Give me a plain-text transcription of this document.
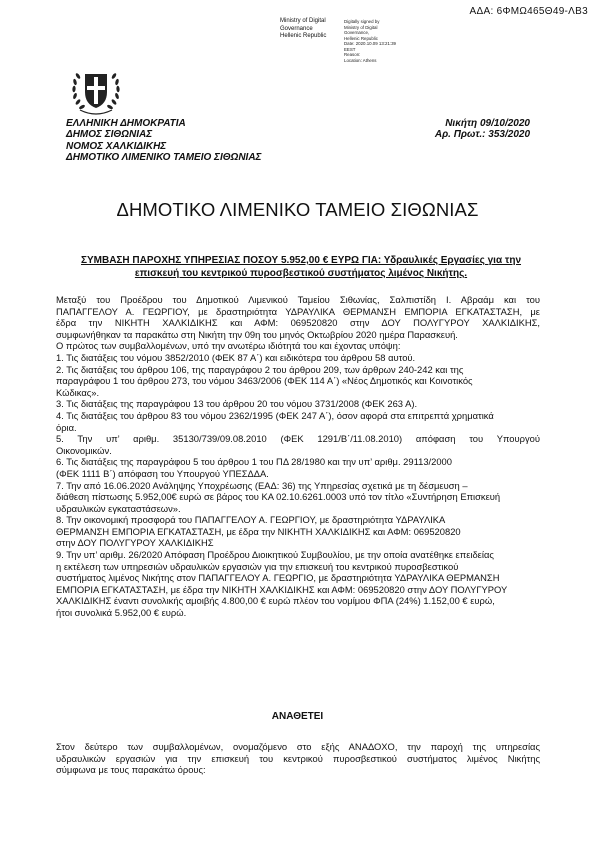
ΑΔΑ: 6ΦΜΩ465Θ49-ΛΒ3
Ministry of Digital
Governance
Hellenic Republic
Digitally signed by
Ministry of Digital
Governance,
Hellenic Republic
Date: 2020.10.09 13:21:39
EEST
Reason:
Location: Athens
ΕΛΛΗΝΙΚΗ ΔΗΜΟΚΡΑΤΙΑ
ΔΗΜΟΣ ΣΙΘΩΝΙΑΣ
ΝΟΜΟΣ ΧΑΛΚΙΔΙΚΗΣ
ΔΗΜΟΤΙΚΟ ΛΙΜΕΝΙΚΟ ΤΑΜΕΙΟ ΣΙΘΩΝΙΑΣ
Νικήτη 09/10/2020
Αρ. Πρωτ.: 353/2020
ΔΗΜΟΤΙΚΟ ΛΙΜΕΝΙΚΟ ΤΑΜΕΙΟ ΣΙΘΩΝΙΑΣ
ΣΥΜΒΑΣΗ ΠΑΡΟΧΗΣ ΥΠΗΡΕΣΙΑΣ ΠΟΣΟΥ 5.952,00 € ΕΥΡΩ ΓΙΑ: Υδραυλικές Εργασίες για την
επισκευή του κεντρικού πυροσβεστικού συστήματος λιμένος Νικήτης.

Μεταξύ του Προέδρου του Δημοτικού Λιμενικού Ταμείου Σιθωνίας, Σαλπιστίδη Ι. Αβραάμ και του

ΠΑΠΑΓΓΕΛΟΥ Α. ΓΕΩΡΓΙΟΥ, με δραστηριότητα ΥΔΡΑΥΛΙΚΑ ΘΕΡΜΑΝΣΗ ΕΜΠΟΡΙΑ ΕΓΚΑΤΑΣΤΑΣΗ, με

έδρα την ΝΙΚΗΤΗ ΧΑΛΚΙΔΙΚΗΣ και ΑΦΜ: 069520820 στην ΔΟΥ ΠΟΛΥΓΥΡΟΥ ΧΑΛΚΙΔΙΚΗΣ,

συμφωνήθηκαν τα παρακάτω στη Νικήτη την 09η του μηνός Οκτωβρίου 2020 ημέρα Παρασκευή.

Ο πρώτος των συμβαλλομένων, υπό την ανωτέρω ιδιότητά του και έχοντας υπόψη:

1. Τις διατάξεις του νόμου 3852/2010 (ΦΕΚ 87 Α΄) και ειδικότερα του άρθρου 58 αυτού.

2. Τις διατάξεις του άρθρου 106, της παραγράφου 2 του άρθρου 209, των άρθρων 240-242 και της

παραγράφου 1 του άρθρου 273, του νόμου 3463/2006 (ΦΕΚ 114 Α΄) «Νέος Δημοτικός και Κοινοτικός

Κώδικας».

3. Τις διατάξεις της παραγράφου 13 του άρθρου 20 του νόμου 3731/2008 (ΦΕΚ 263 Α).

4. Τις διατάξεις του άρθρου 83 του νόμου 2362/1995 (ΦΕΚ 247 Α΄), όσον αφορά στα επιτρεπτά χρηματικά

όρια.

5. Την υπ’ αριθμ. 35130/739/09.08.2010 (ΦΕΚ 1291/Β΄/11.08.2010) απόφαση του Υπουργού

Οικονομικών.

6. Τις διατάξεις της παραγράφου 5 του άρθρου 1 του ΠΔ 28/1980 και την υπ’ αριθμ. 29113/2000

(ΦΕΚ 1111 Β΄) απόφαση του Υπουργού ΥΠΕΣΔΔΑ.

7. Την από 16.06.2020 Ανάληψης Υποχρέωσης (ΕΑΔ: 36) της Υπηρεσίας σχετικά με τη δέσμευση –

διάθεση πίστωσης 5.952,00€ ευρώ σε βάρος του ΚΑ 02.10.6261.0003 υπό τον τίτλο «Συντήρηση Επισκευή

υδραυλικών εγκαταστάσεων».

8. Την οικονομική προσφορά του ΠΑΠΑΓΓΕΛΟΥ Α. ΓΕΩΡΓΙΟΥ, με δραστηριότητα ΥΔΡΑΥΛΙΚΑ

ΘΕΡΜΑΝΣΗ ΕΜΠΟΡΙΑ ΕΓΚΑΤΑΣΤΑΣΗ, με έδρα την ΝΙΚΗΤΗ ΧΑΛΚΙΔΙΚΗΣ και ΑΦΜ: 069520820

στην ΔΟΥ ΠΟΛΥΓΥΡΟΥ ΧΑΛΚΙΔΙΚΗΣ

9. Την υπ’ αριθμ. 26/2020 Απόφαση Προέδρου Διοικητικού Συμβουλίου, με την οποία ανατέθηκε επειδείας

η εκτέλεση των υπηρεσιών υδραυλικών εργασιών για την επισκευή του κεντρικού πυροσβεστικού

συστήματος λιμένος Νικήτης στον ΠΑΠΑΓΓΕΛΟΥ Α. ΓΕΩΡΓΙΟ, με δραστηριότητα ΥΔΡΑΥΛΙΚΑ ΘΕΡΜΑΝΣΗ

ΕΜΠΟΡΙΑ ΕΓΚΑΤΑΣΤΑΣΗ, με έδρα την ΝΙΚΗΤΗ ΧΑΛΚΙΔΙΚΗΣ και ΑΦΜ: 069520820 στην ΔΟΥ ΠΟΛΥΓΥΡΟΥ

ΧΑΛΚΙΔΙΚΗΣ έναντι συνολικής αμοιβής 4.800,00 € ευρώ πλέον του νομίμου ΦΠΑ (24%) 1.152,00 € ευρώ,

ήτοι συνολικά 5.952,00 € ευρώ.

ΑΝΑΘΕΤΕΙ

Στον δεύτερο των συμβαλλομένων, ονομαζόμενο στο εξής ΑΝΑΔΟΧΟ, την παροχή της υπηρεσίας

υδραυλικών εργασιών για την επισκευή του κεντρικού πυροσβεστικού συστήματος λιμένος Νικήτης

σύμφωνα με τους παρακάτω όρους:
